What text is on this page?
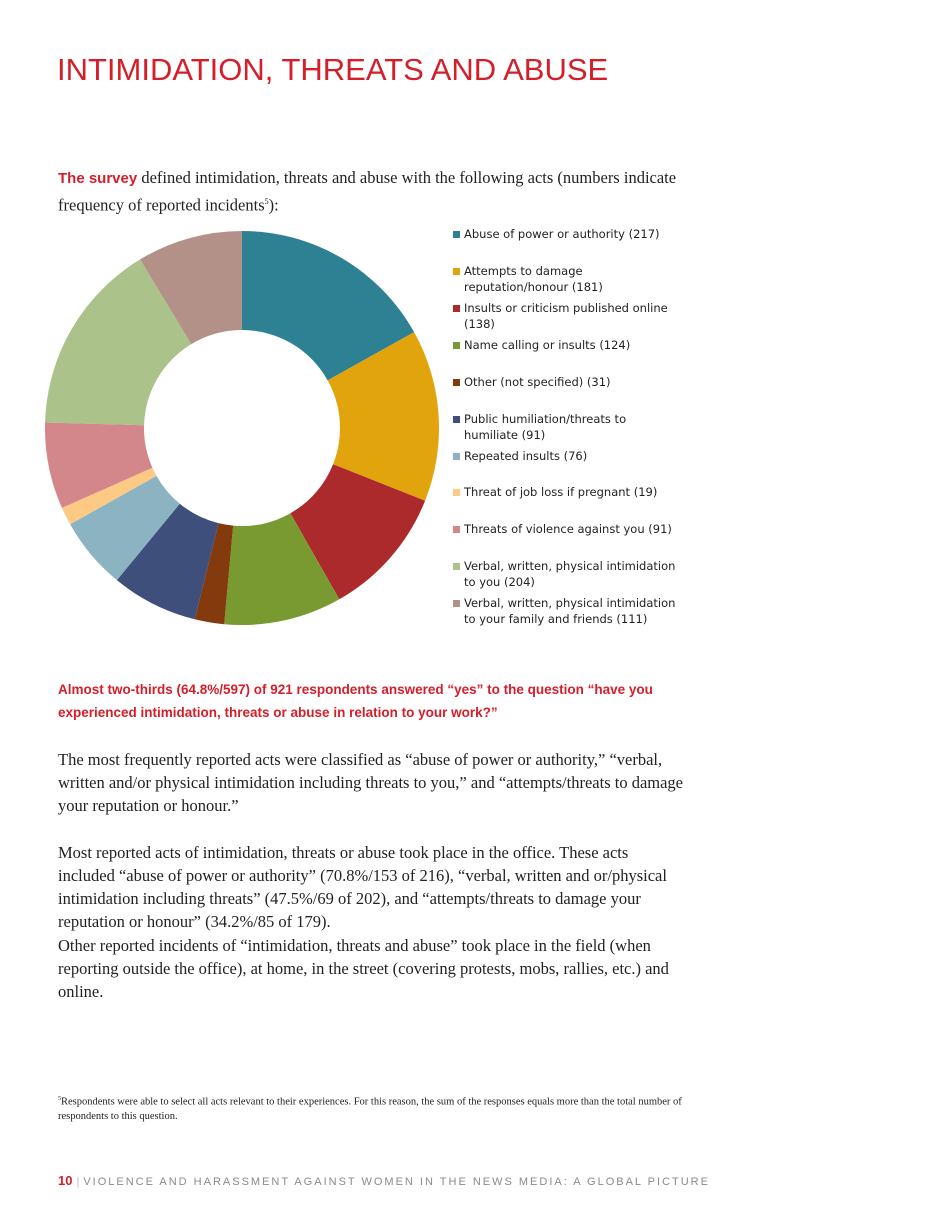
INTIMIDATION, THREATS AND ABUSE

The survey defined intimidation, threats and abuse with the following acts (numbers indicate frequency of reported incidents$^5$):

Abuse of power or authority (217)
Attempts to damage
reputation/honour (181)
Insults or criticism published online
(138)
Name calling or insults (124)
Other (not specified) (31)
Public humiliation/threats to
humiliate (91)
Repeated insults (76)
Threat of job loss if pregnant (19)
Threats of violence against you (91)
Verbal, written, physical intimidation
to you (204)
Verbal, written, physical intimidation
to your family and friends (111)

Almost two-thirds (64.8%/597) of 921 respondents answered “yes” to the question “have you experienced intimidation, threats or abuse in relation to your work?”

The most frequently reported acts were classified as “abuse of power or authority,” “verbal, written and/or physical intimidation including threats to you,” and “attempts/threats to damage your reputation or honour.”

Most reported acts of intimidation, threats or abuse took place in the office. These acts included “abuse of power or authority” (70.8%/153 of 216), “verbal, written and or/physical intimidation including threats” (47.5%/69 of 202), and “attempts/threats to damage your reputation or honour” (34.2%/85 of 179).

Other reported incidents of “intimidation, threats and abuse” took place in the field (when reporting outside the office), at home, in the street (covering protests, mobs, rallies, etc.) and online.

$^5$Respondents were able to select all acts relevant to their experiences. For this reason, the sum of the responses equals more than the total number of respondents to this question.

10 | VIOLENCE AND HARASSMENT AGAINST WOMEN IN THE NEWS MEDIA: A GLOBAL PICTURE
